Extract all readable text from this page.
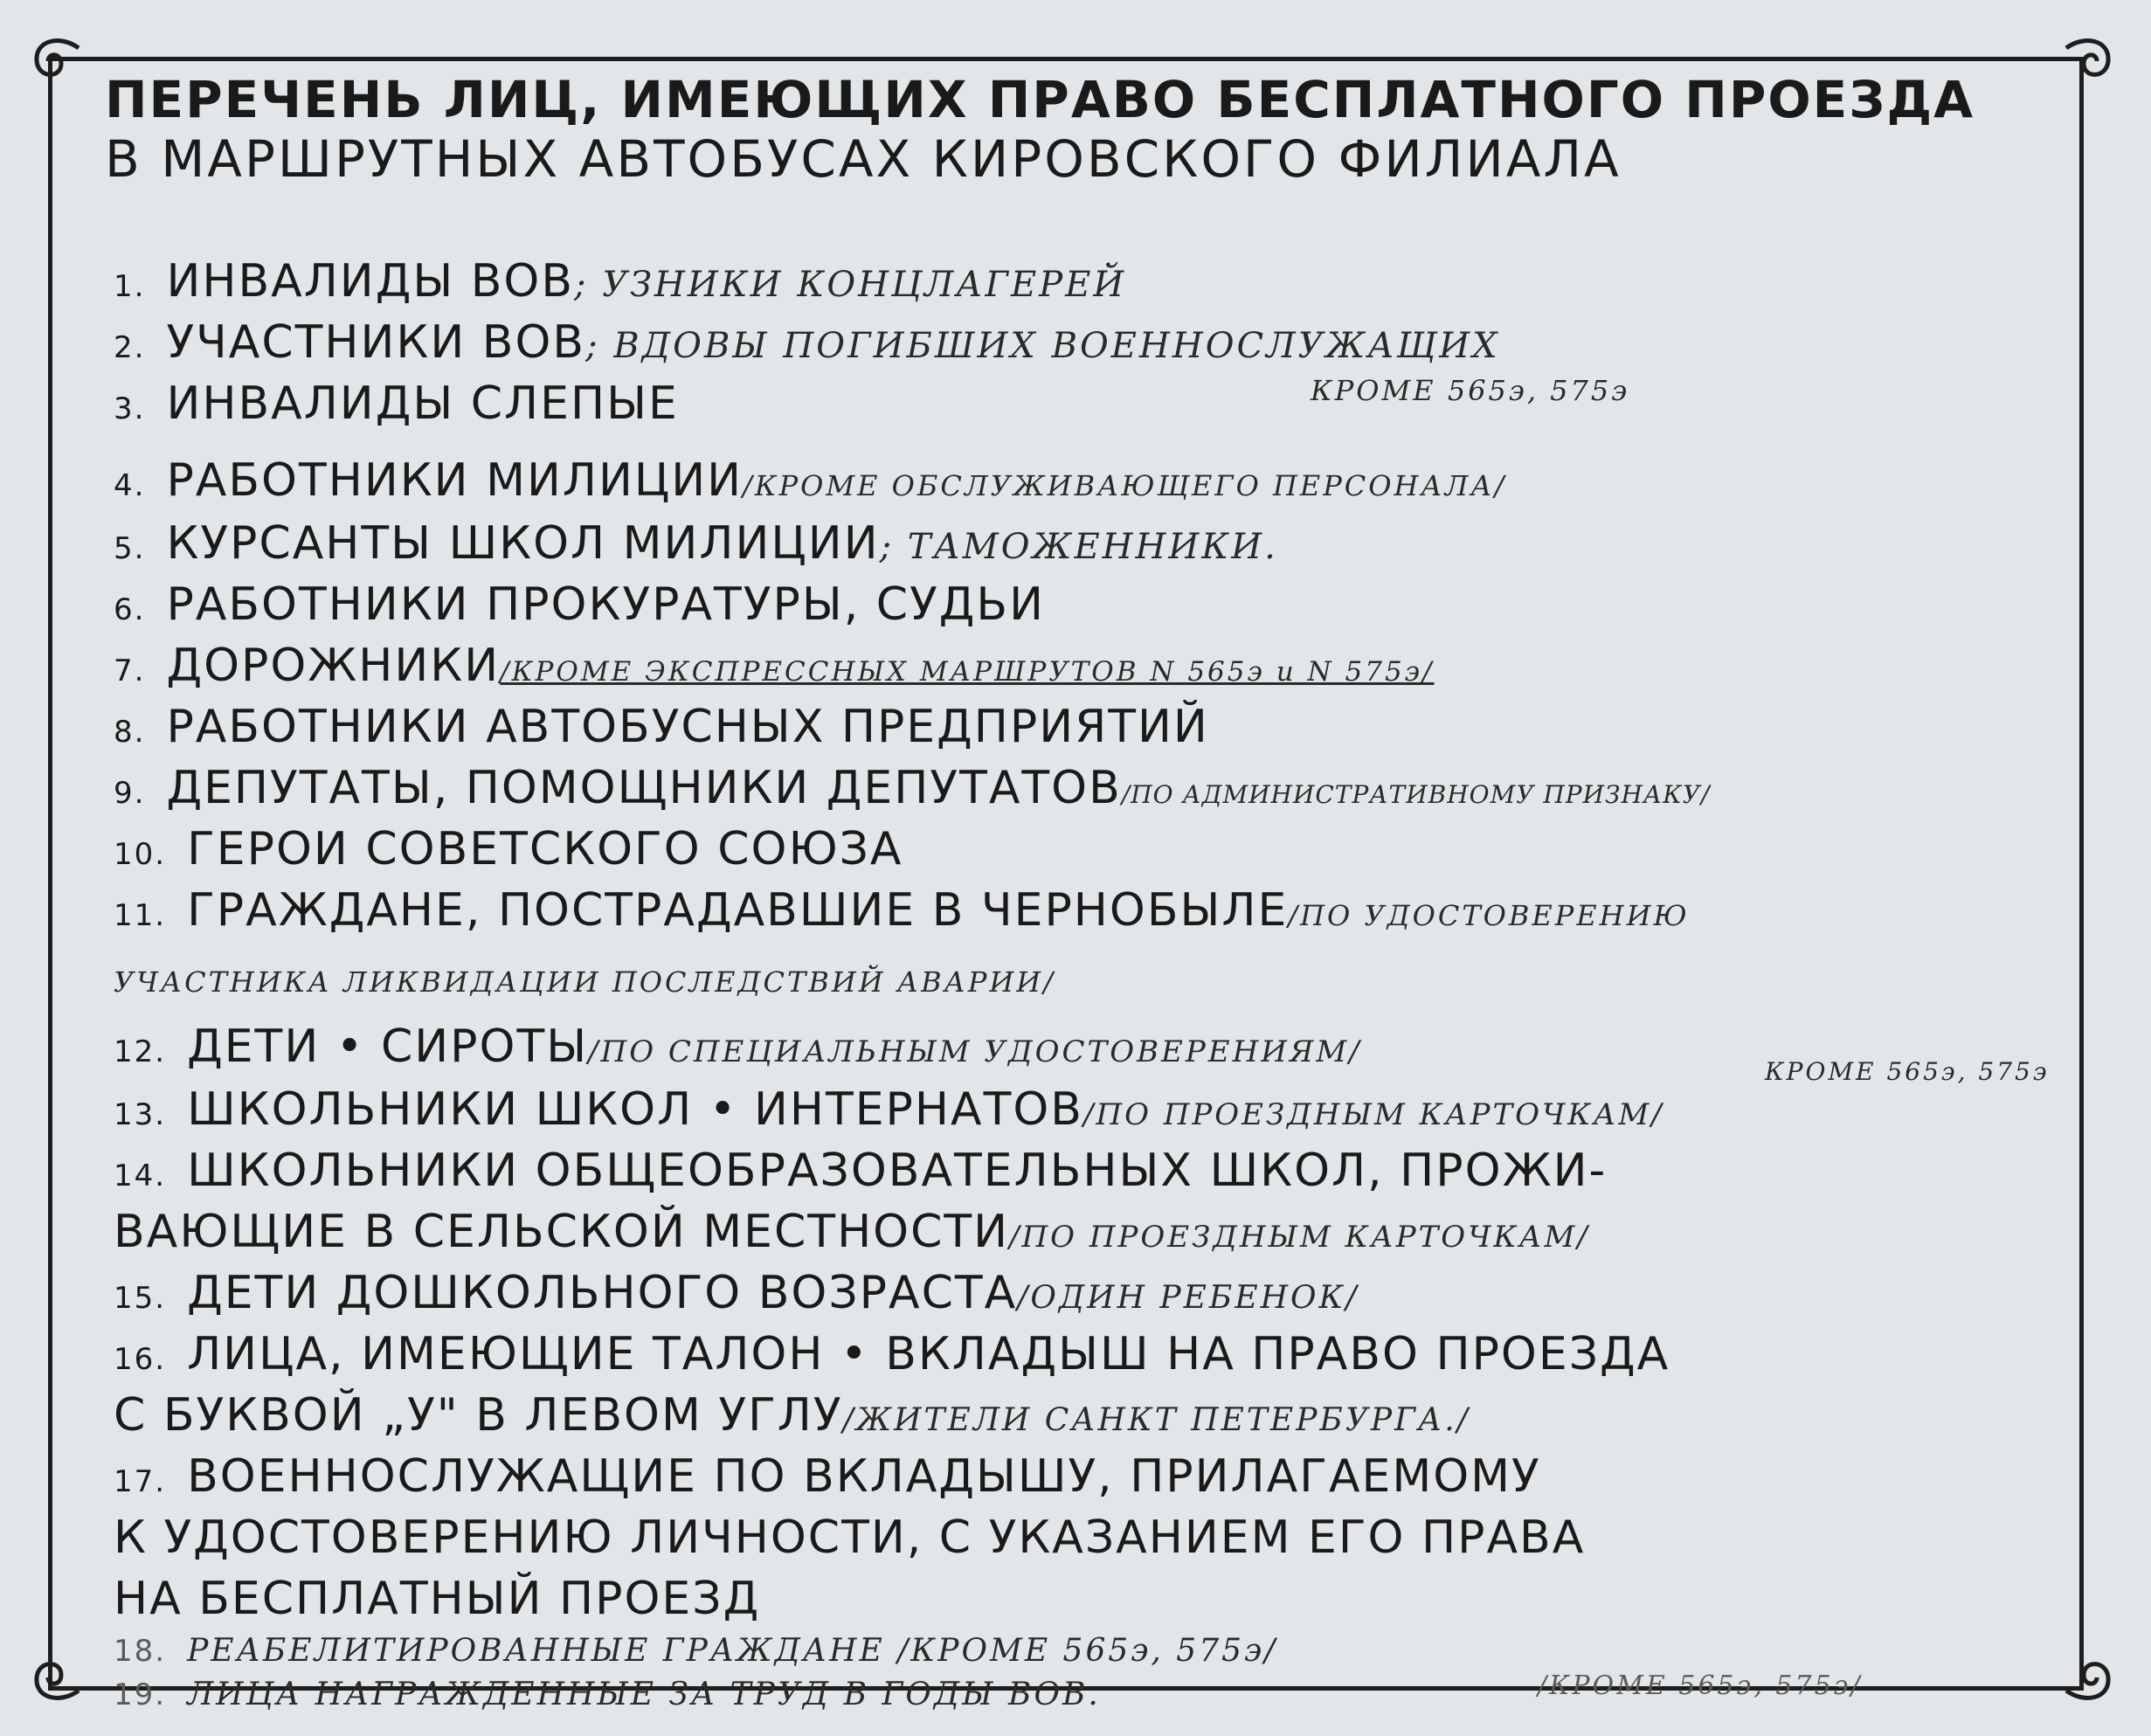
ПЕРЕЧЕНЬ ЛИЦ, ИМЕЮЩИХ ПРАВО БЕСПЛАТНОГО ПРОЕЗДА
В МАРШРУТНЫХ АВТОБУСАХ КИРОВСКОГО ФИЛИАЛА
1. ИНВАЛИДЫ ВОВ; УЗНИКИ КОНЦЛАГЕРЕЙ
2. УЧАСТНИКИ ВОВ; ВДОВЫ ПОГИБШИХ ВОЕННОСЛУЖАЩИХ
КРОМЕ 565э, 575э
3. ИНВАЛИДЫ СЛЕПЫЕ
4. РАБОТНИКИ МИЛИЦИИ/КРОМЕ ОБСЛУЖИВАЮЩЕГО ПЕРСОНАЛА/
5. КУРСАНТЫ ШКОЛ МИЛИЦИИ; ТАМОЖЕННИКИ.
6. РАБОТНИКИ ПРОКУРАТУРЫ, СУДЬИ
7. ДОРОЖНИКИ/КРОМЕ ЭКСПРЕССНЫХ МАРШРУТОВ N 565э и N 575э/
8. РАБОТНИКИ АВТОБУСНЫХ ПРЕДПРИЯТИЙ
9. ДЕПУТАТЫ, ПОМОЩНИКИ ДЕПУТАТОВ/ПО АДМИНИСТРАТИВНОМУ ПРИЗНАКУ/
10. ГЕРОИ СОВЕТСКОГО СОЮЗА
11. ГРАЖДАНЕ, ПОСТРАДАВШИЕ В ЧЕРНОБЫЛЕ/ПО УДОСТОВЕРЕНИЮ
УЧАСТНИКА ЛИКВИДАЦИИ ПОСЛЕДСТВИЙ АВАРИИ/
12. ДЕТИ • СИРОТЫ/ПО СПЕЦИАЛЬНЫМ УДОСТОВЕРЕНИЯМ/
КРОМЕ 565э, 575э
13. ШКОЛЬНИКИ ШКОЛ • ИНТЕРНАТОВ/ПО ПРОЕЗДНЫМ КАРТОЧКАМ/
14. ШКОЛЬНИКИ ОБЩЕОБРАЗОВАТЕЛЬНЫХ ШКОЛ, ПРОЖИ-
ВАЮЩИЕ В СЕЛЬСКОЙ МЕСТНОСТИ/ПО ПРОЕЗДНЫМ КАРТОЧКАМ/
15. ДЕТИ ДОШКОЛЬНОГО ВОЗРАСТА/ОДИН РЕБЕНОК/
16. ЛИЦА, ИМЕЮЩИЕ ТАЛОН • ВКЛАДЫШ НА ПРАВО ПРОЕЗДА
С БУКВОЙ „У" В ЛЕВОМ УГЛУ/ЖИТЕЛИ САНКТ ПЕТЕРБУРГА./
17. ВОЕННОСЛУЖАЩИЕ ПО ВКЛАДЫШУ, ПРИЛАГАЕМОМУ
К УДОСТОВЕРЕНИЮ ЛИЧНОСТИ, С УКАЗАНИЕМ ЕГО ПРАВА
НА БЕСПЛАТНЫЙ ПРОЕЗД
18. РЕАБЕЛИТИРОВАННЫЕ ГРАЖДАНЕ /КРОМЕ 565э, 575э/
19. ЛИЦА НАГРАЖДЕННЫЕ ЗА ТРУД В ГОДЫ ВОВ.	/КРОМЕ 565э, 575э/
